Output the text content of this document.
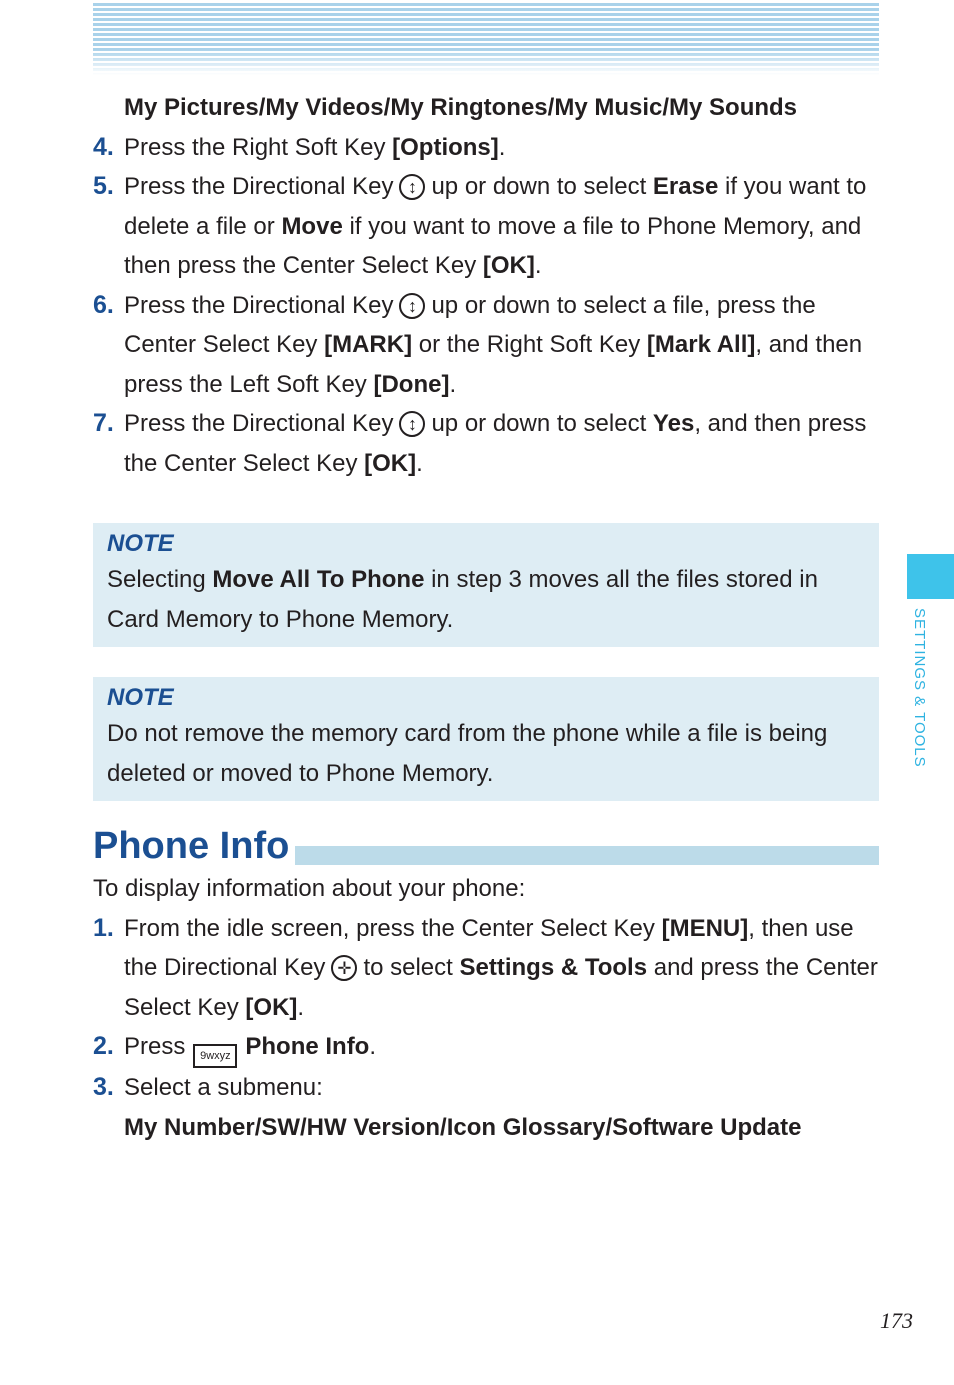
SETTINGS & TOOLS
My Pictures/My Videos/My Ringtones/My Music/My Sounds
4. Press the Right Soft Key [Options].
5. Press the Directional Key ↕ up or down to select Erase if you want to delete a file or Move if you want to move a file to Phone Memory, and then press the Center Select Key [OK].
6. Press the Directional Key ↕ up or down to select a file, press the Center Select Key [MARK] or the Right Soft Key [Mark All], and then press the Left Soft Key [Done].
7. Press the Directional Key ↕ up or down to select Yes, and then press the Center Select Key [OK].
NOTE
Selecting Move All To Phone in step 3 moves all the files stored in Card Memory to Phone Memory.
NOTE
Do not remove the memory card from the phone while a file is being deleted or moved to Phone Memory.
Phone Info
To display information about your phone:
1. From the idle screen, press the Center Select Key [MENU], then use the Directional Key ✛ to select Settings & Tools and press the Center Select Key [OK].
2. Press 9wxyz Phone Info.
3. Select a submenu:
My Number/SW/HW Version/Icon Glossary/Software Update
173
